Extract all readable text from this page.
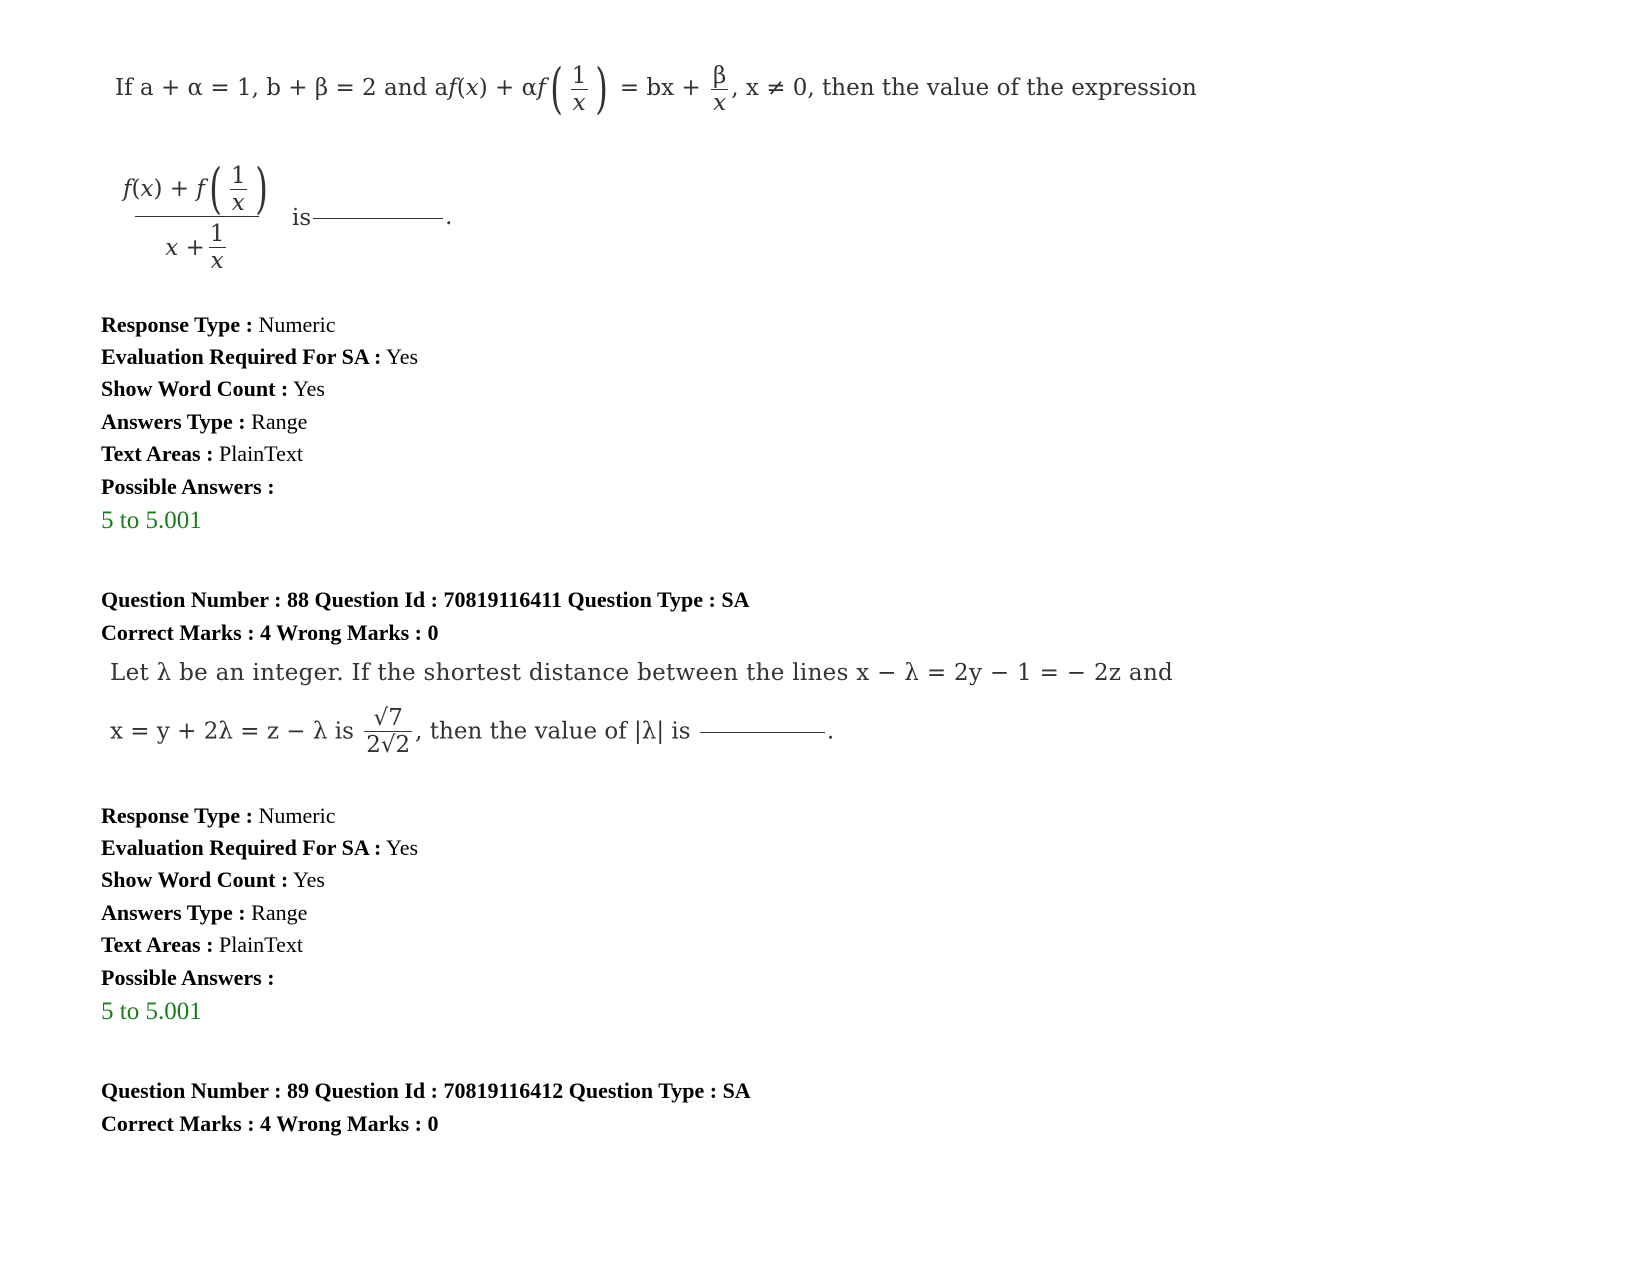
If a + α = 1, b + β = 2 and $af(x) + \alpha f( \frac{1}{x}$ ) = bx + $\frac{\beta}{x}$ , x ≠ 0, then the value of the expression
f ( x ) +
f ( $\frac{1}{x}$ )
x
+ $\frac{1}{x}$ is	.
Response Type : Numeric
Evaluation Required For SA : Yes
Show Word Count : Yes
Answers Type : Range
Text Areas : PlainText
Possible Answers :
5 to 5.001
Question Number : 88 Question Id : 70819116411 Question Type : SA
Correct Marks : 4 Wrong Marks : 0
Let λ be an integer. If the shortest distance between the lines x − λ = 2y − 1 = − 2z and
x = y + 2λ = z − λ is $\frac{√7}{2√2}$ , then the value of |λ| is	.
Response Type : Numeric
Evaluation Required For SA : Yes
Show Word Count : Yes
Answers Type : Range
Text Areas : PlainText
Possible Answers :
5 to 5.001
Question Number : 89 Question Id : 70819116412 Question Type : SA
Correct Marks : 4 Wrong Marks : 0
